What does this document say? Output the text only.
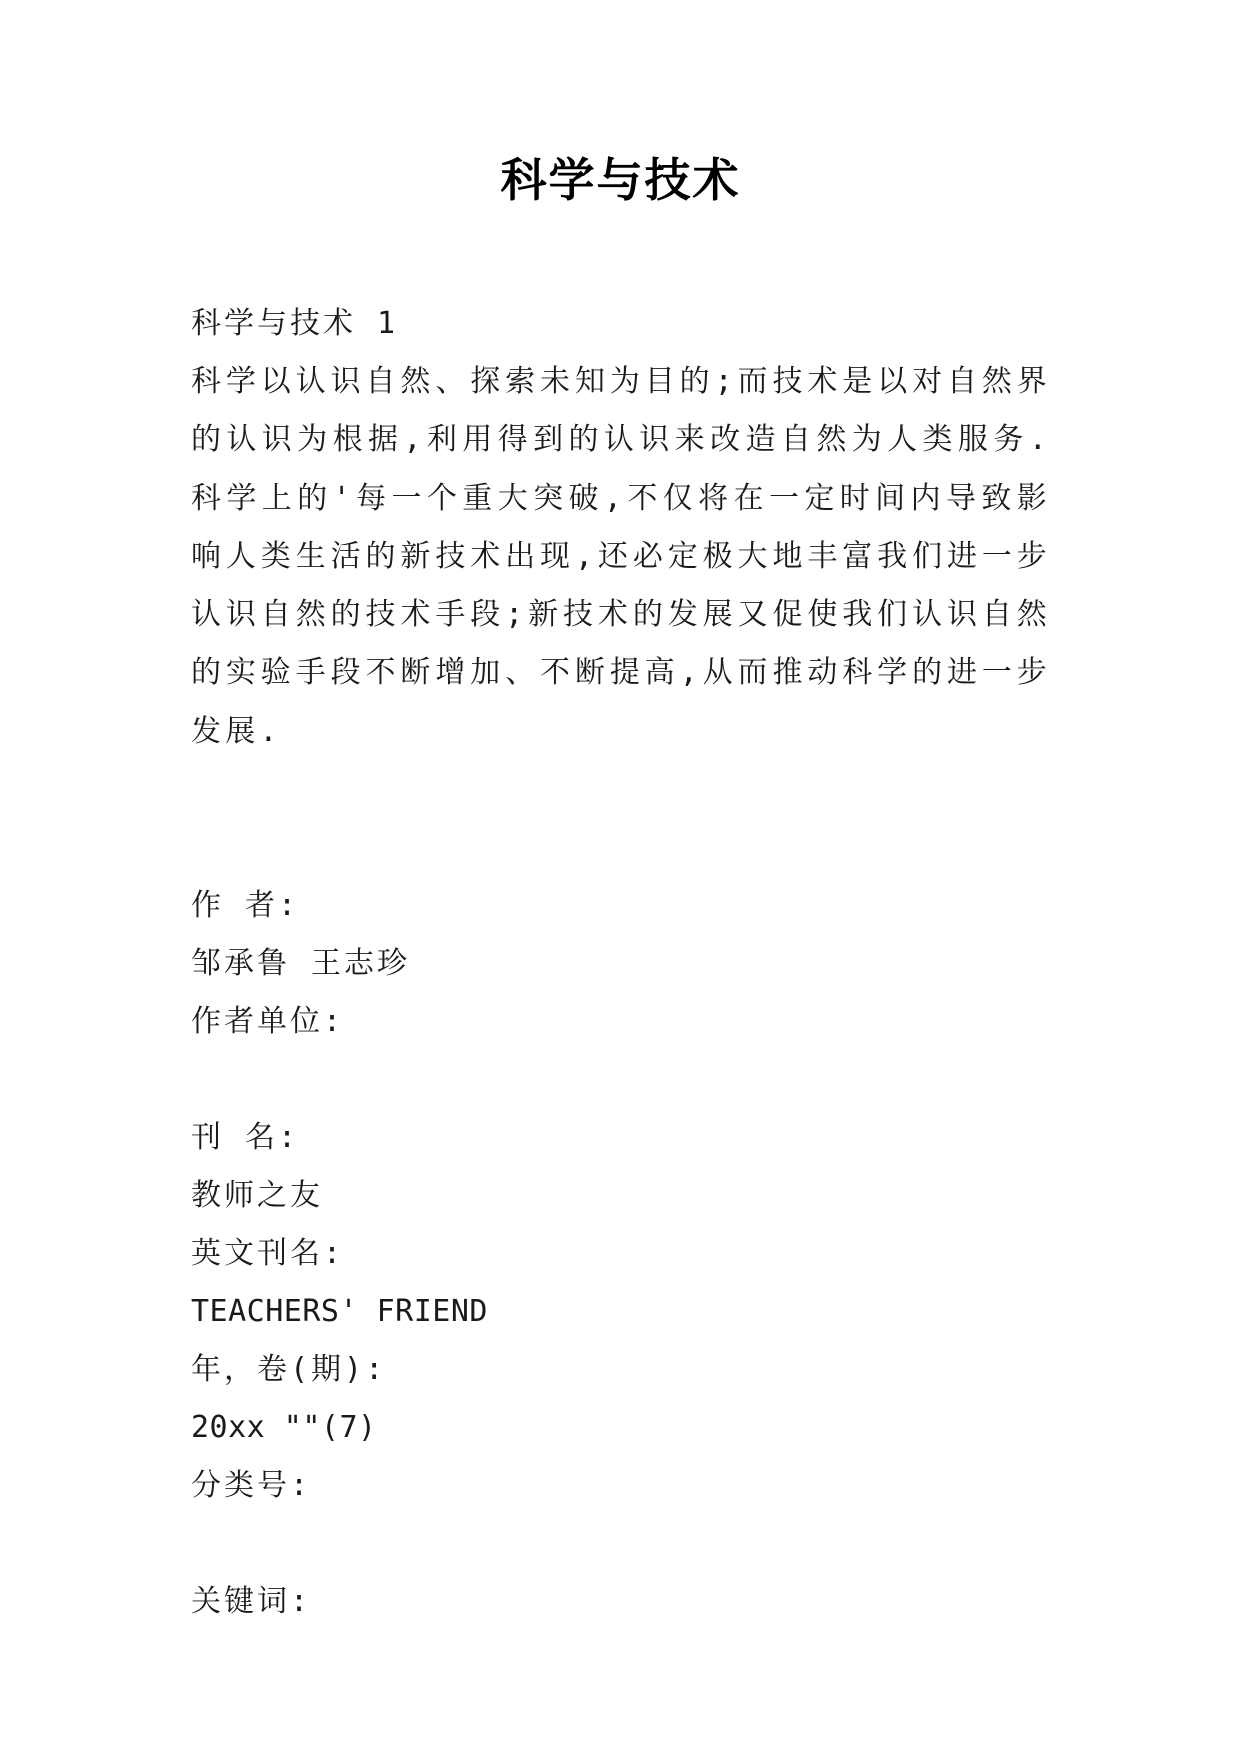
科学与技术
科学与技术 1
科学以认识自然、探索未知为目的;而技术是以对自然界的认识为根据,利用得到的认识来改造自然为人类服务.科学上的'每一个重大突破,不仅将在一定时间内导致影响人类生活的新技术出现,还必定极大地丰富我们进一步认识自然的技术手段;新技术的发展又促使我们认识自然的实验手段不断增加、不断提高,从而推动科学的进一步发展.
作 者:
邹承鲁 王志珍
作者单位:
刊 名:
教师之友
英文刊名:
TEACHERS' FRIEND
年，卷(期):
20xx ""(7)
分类号:
关键词:
